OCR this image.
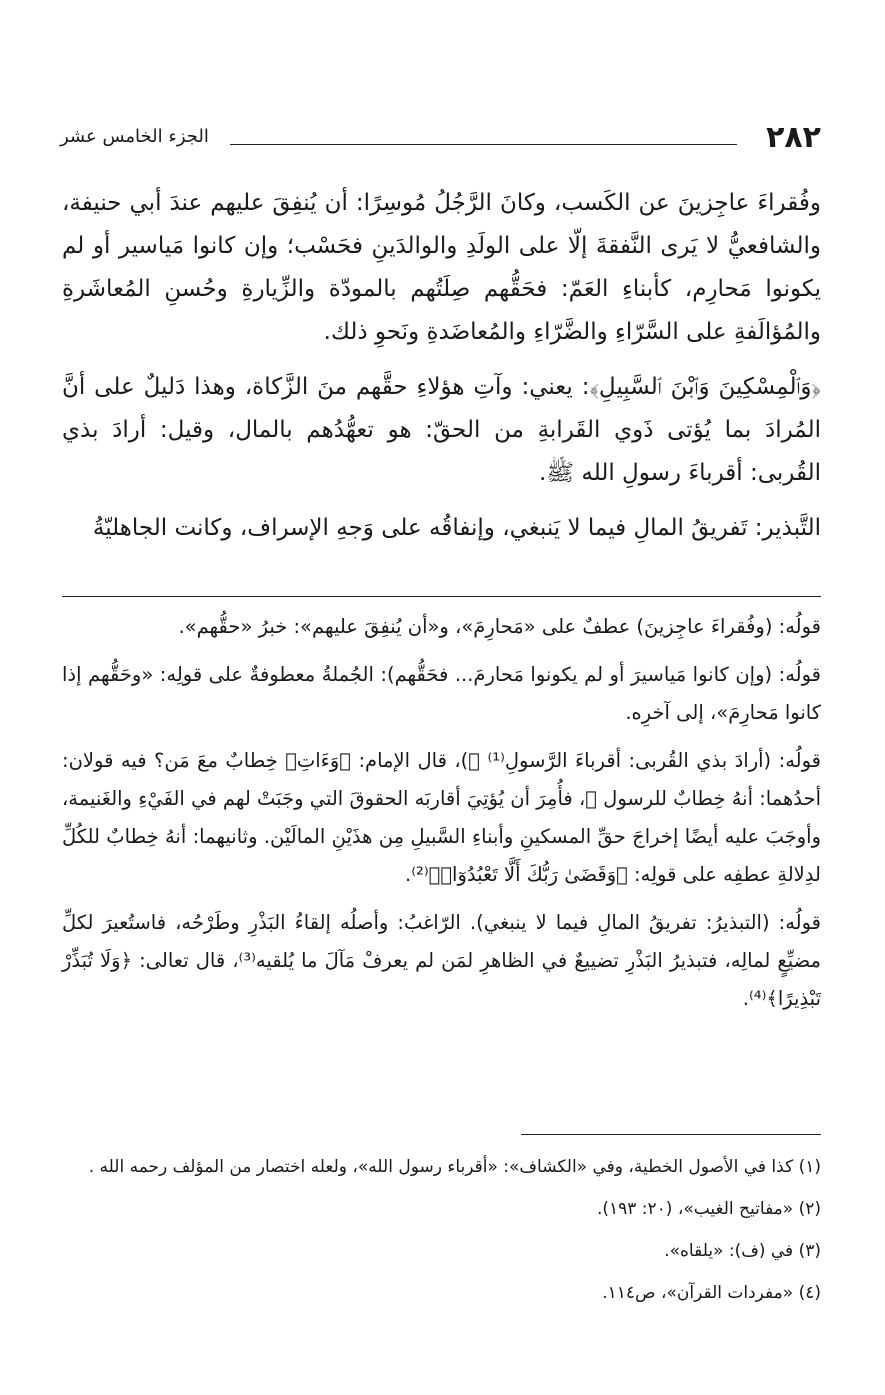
٢٨٢
الجزء الخامس عشر

وفُقراءَ عاجِزينَ عن الكَسب، وكانَ الرَّجُلُ مُوسِرًا: أن يُنفِقَ عليهم عندَ أبي حنيفة، والشافعيُّ لا يَرى النَّفقةَ إلّا على الولَدِ والوالدَينِ فحَسْب؛ وإن كانوا مَياسير أو لم يكونوا مَحارِم، كأبناءِ العَمّ: فحَقُّهم صِلَتُهم بالمودّة والزِّيارةِ وحُسنِ المُعاشَرةِ والمُؤالَفةِ على السَّرّاءِ والضَّرّاءِ والمُعاضَدةِ ونَحوِ ذلك.

﴿وَٱلْمِسْكِينَ وَٱبْنَ ٱلسَّبِيلِ﴾: يعني: وآتِ هؤلاءِ حقَّهم منَ الزَّكاة، وهذا دَليلٌ على أنَّ المُرادَ بما يُؤتى ذَوي القَرابةِ من الحقّ: هو تعهُّدُهم بالمال، وقيل: أرادَ بذي القُربى: أقرباءَ رسولِ الله ﷺ.

التَّبذير: تَفريقُ المالِ فيما لا يَنبغي، وإنفاقُه على وَجهِ الإسراف، وكانت الجاهليّةُ

قولُه: (وفُقراءَ عاجِزينَ) عطفٌ على «مَحارِمَ»، و«أن يُنفِقَ عليهم»: خبرُ «حقُّهم».

قولُه: (وإن كانوا مَياسيرَ أو لم يكونوا مَحارمَ... فحَقُّهم): الجُملةُ معطوفةٌ على قولِه: «وحَقُّهم إذا كانوا مَحارِمَ»، إلى آخرِه.

قولُه: (أرادَ بذي القُربى: أقرباءَ الرَّسولِ⁽¹⁾ ﷺ)، قال الإمام: ﴿وَءَاتِ﴾ خِطابٌ معَ مَن؟ فيه قولان: أحدُهما: أنهُ خِطابٌ للرسول ﷺ، فأُمِرَ أن يُؤتِيَ أقاربَه الحقوقَ التي وجَبَتْ لهم في الفَيْءِ والغَنيمة، وأوجَبَ عليه أيضًا إخراجَ حقِّ المسكينِ وأبناءِ السَّبيلِ مِن هذَيْنِ المالَيْن. وثانيهما: أنهُ خِطابٌ للكُلِّ لدِلالةِ عطفِه على قولِه: ﴿وَقَضَىٰ رَبُّكَ أَلَّا تَعْبُدُوٓا۟﴾⁽²⁾.

قولُه: (التبذيرُ: تفريقُ المالِ فيما لا ينبغي). الرّاغبُ: وأصلُه إلقاءُ البَذْرِ وطَرْحُه، فاستُعيرَ لكلِّ مضيِّعٍ لمالِه، فتبذيرُ البَذْرِ تضييعٌ في الظاهرِ لمَن لم يعرفْ مَآلَ ما يُلقيه⁽³⁾، قال تعالى: ﴿وَلَا تُبَذِّرْ تَبْذِيرًا﴾⁽⁴⁾.

(١) كذا في الأصول الخطية، وفي «الكشاف»: «أقرباء رسول الله»، ولعله اختصار من المؤلف رحمه الله .
(٢) «مفاتيح الغيب»، (٢٠: ١٩٣).
(٣) في (ف): «يلقاه».
(٤) «مفردات القرآن»، ص١١٤.
